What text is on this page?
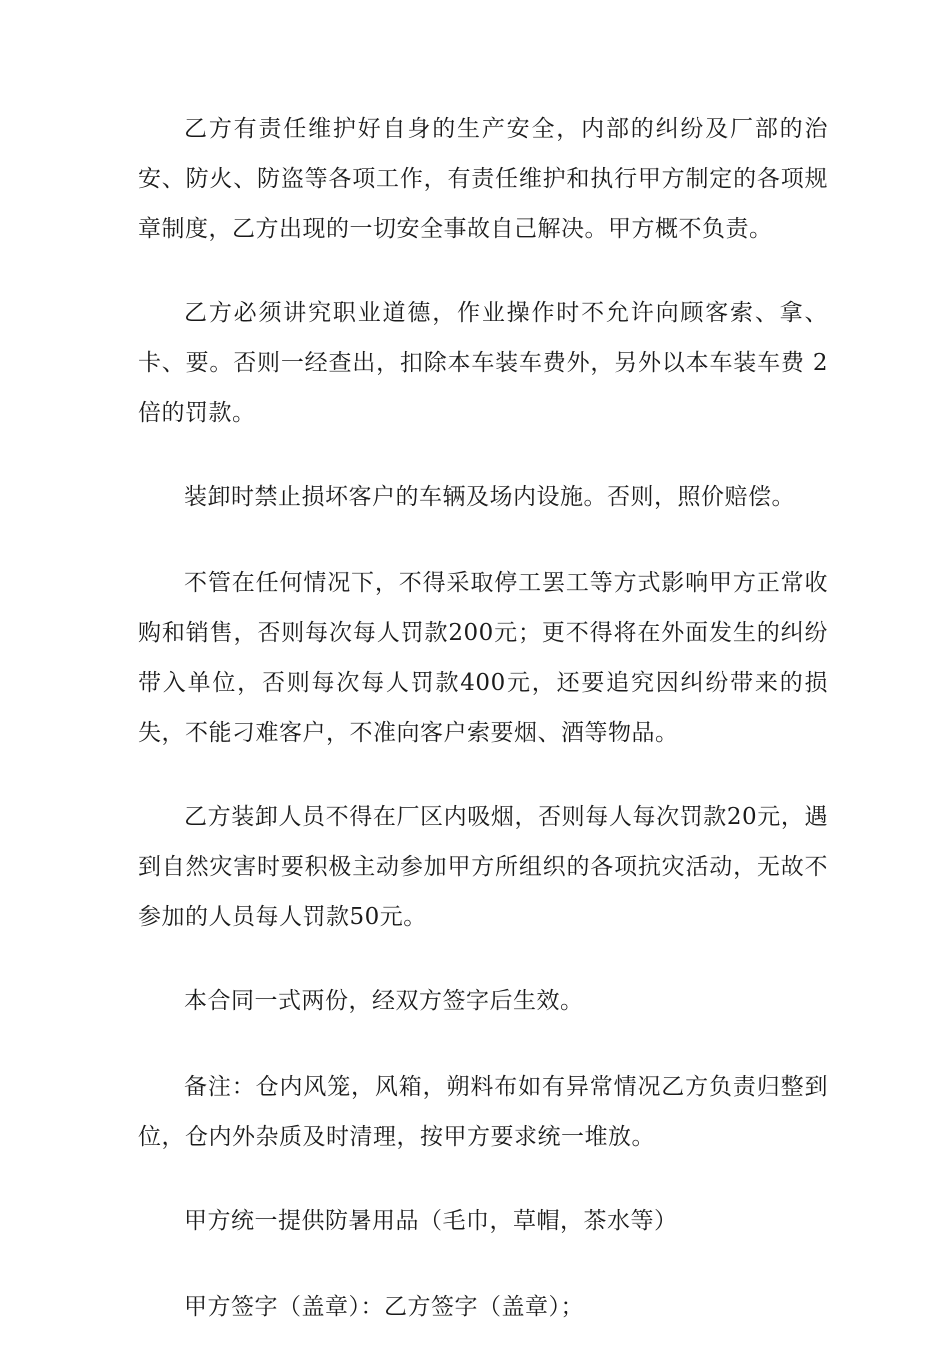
乙方有责任维护好自身的生产安全，内部的纠纷及厂部的治安、防火、防盗等各项工作，有责任维护和执行甲方制定的各项规章制度，乙方出现的一切安全事故自己解决。甲方概不负责。

乙方必须讲究职业道德，作业操作时不允许向顾客索、拿、卡、要。否则一经查出，扣除本车装车费外，另外以本车装车费 2 倍的罚款。

装卸时禁止损坏客户的车辆及场内设施。否则，照价赔偿。

不管在任何情况下，不得采取停工罢工等方式影响甲方正常收购和销售，否则每次每人罚款200元；更不得将在外面发生的纠纷带入单位，否则每次每人罚款400元，还要追究因纠纷带来的损失，不能刁难客户，不准向客户索要烟、酒等物品。

乙方装卸人员不得在厂区内吸烟，否则每人每次罚款20元，遇到自然灾害时要积极主动参加甲方所组织的各项抗灾活动，无故不参加的人员每人罚款50元。

本合同一式两份，经双方签字后生效。

备注：仓内风笼，风箱，朔料布如有异常情况乙方负责归整到位，仓内外杂质及时清理，按甲方要求统一堆放。

甲方统一提供防暑用品（毛巾，草帽，茶水等）

甲方签字（盖章）：乙方签字（盖章）；
